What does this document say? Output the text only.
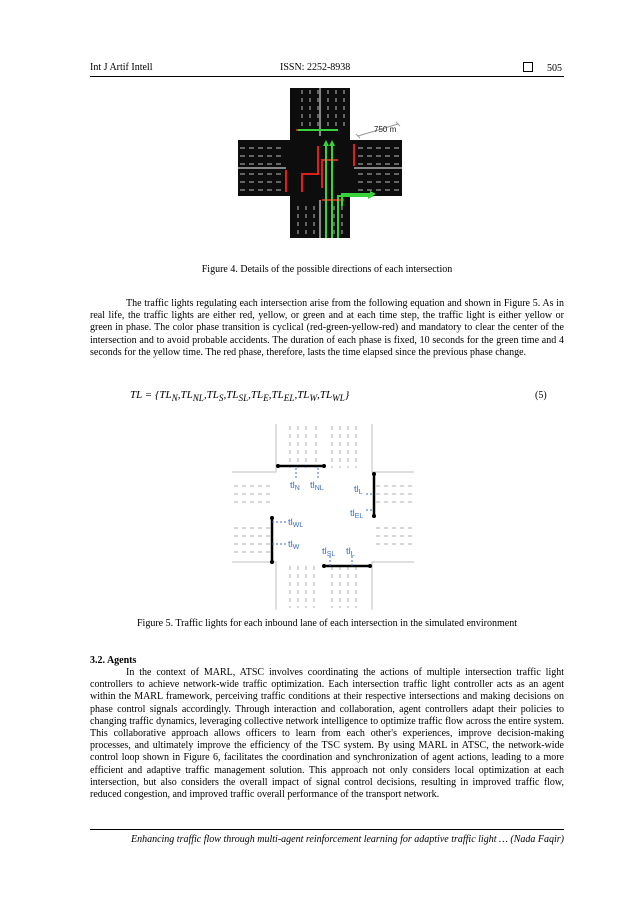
Int J Artif Intell	ISSN: 2252-8938	505
750 m
Figure 4. Details of the possible directions of each intersection
The traffic lights regulating each intersection arise from the following equation and shown in Figure 5. As in real life, the traffic lights are either red, yellow, or green and at each time step, the traffic light is either yellow or green in phase. The color phase transition is cyclical (red-green-yellow-red) and mandatory to clear the center of the intersection and to avoid probable accidents. The duration of each phase is fixed, 10 seconds for the green time and 4 seconds for the yellow time. The red phase, therefore, lasts the time elapsed since the previous phase change.
TL = $\{TL_N,TL_{NL},TL_S,TL_{SL},TL_E,TL_{EL},TL_W,TL_{WL}\}$	(5)
$tl_N$ $tl_{NL}$	$tl_L$
$tl_{EL}$
$tl_{WL}$
$tl_W$ $tl_{SL}$ $tl_L$
Figure 5. Traffic lights for each inbound lane of each intersection in the simulated environment
3.2. Agents
In the context of MARL, ATSC involves coordinating the actions of multiple intersection traffic light controllers to achieve network-wide traffic optimization. Each intersection traffic light controller acts as an agent within the MARL framework, perceiving traffic conditions at their respective intersections and making decisions on phase control signals accordingly. Through interaction and collaboration, agent controllers adapt their policies to changing traffic dynamics, leveraging collective network intelligence to optimize traffic flow across the entire system. This collaborative approach allows officers to learn from each other's experiences, improve decision-making processes, and ultimately improve the efficiency of the TSC system. By using MARL in ATSC, the network-wide control loop shown in Figure 6, facilitates the coordination and synchronization of agent actions, leading to a more efficient and adaptive traffic management solution. This approach not only considers local optimization at each intersection, but also considers the overall impact of signal control decisions, resulting in improved traffic flow, reduced congestion, and improved traffic overall performance of the transport network.
Enhancing traffic flow through multi-agent reinforcement learning for adaptive traffic light … (Nada Faqir)
